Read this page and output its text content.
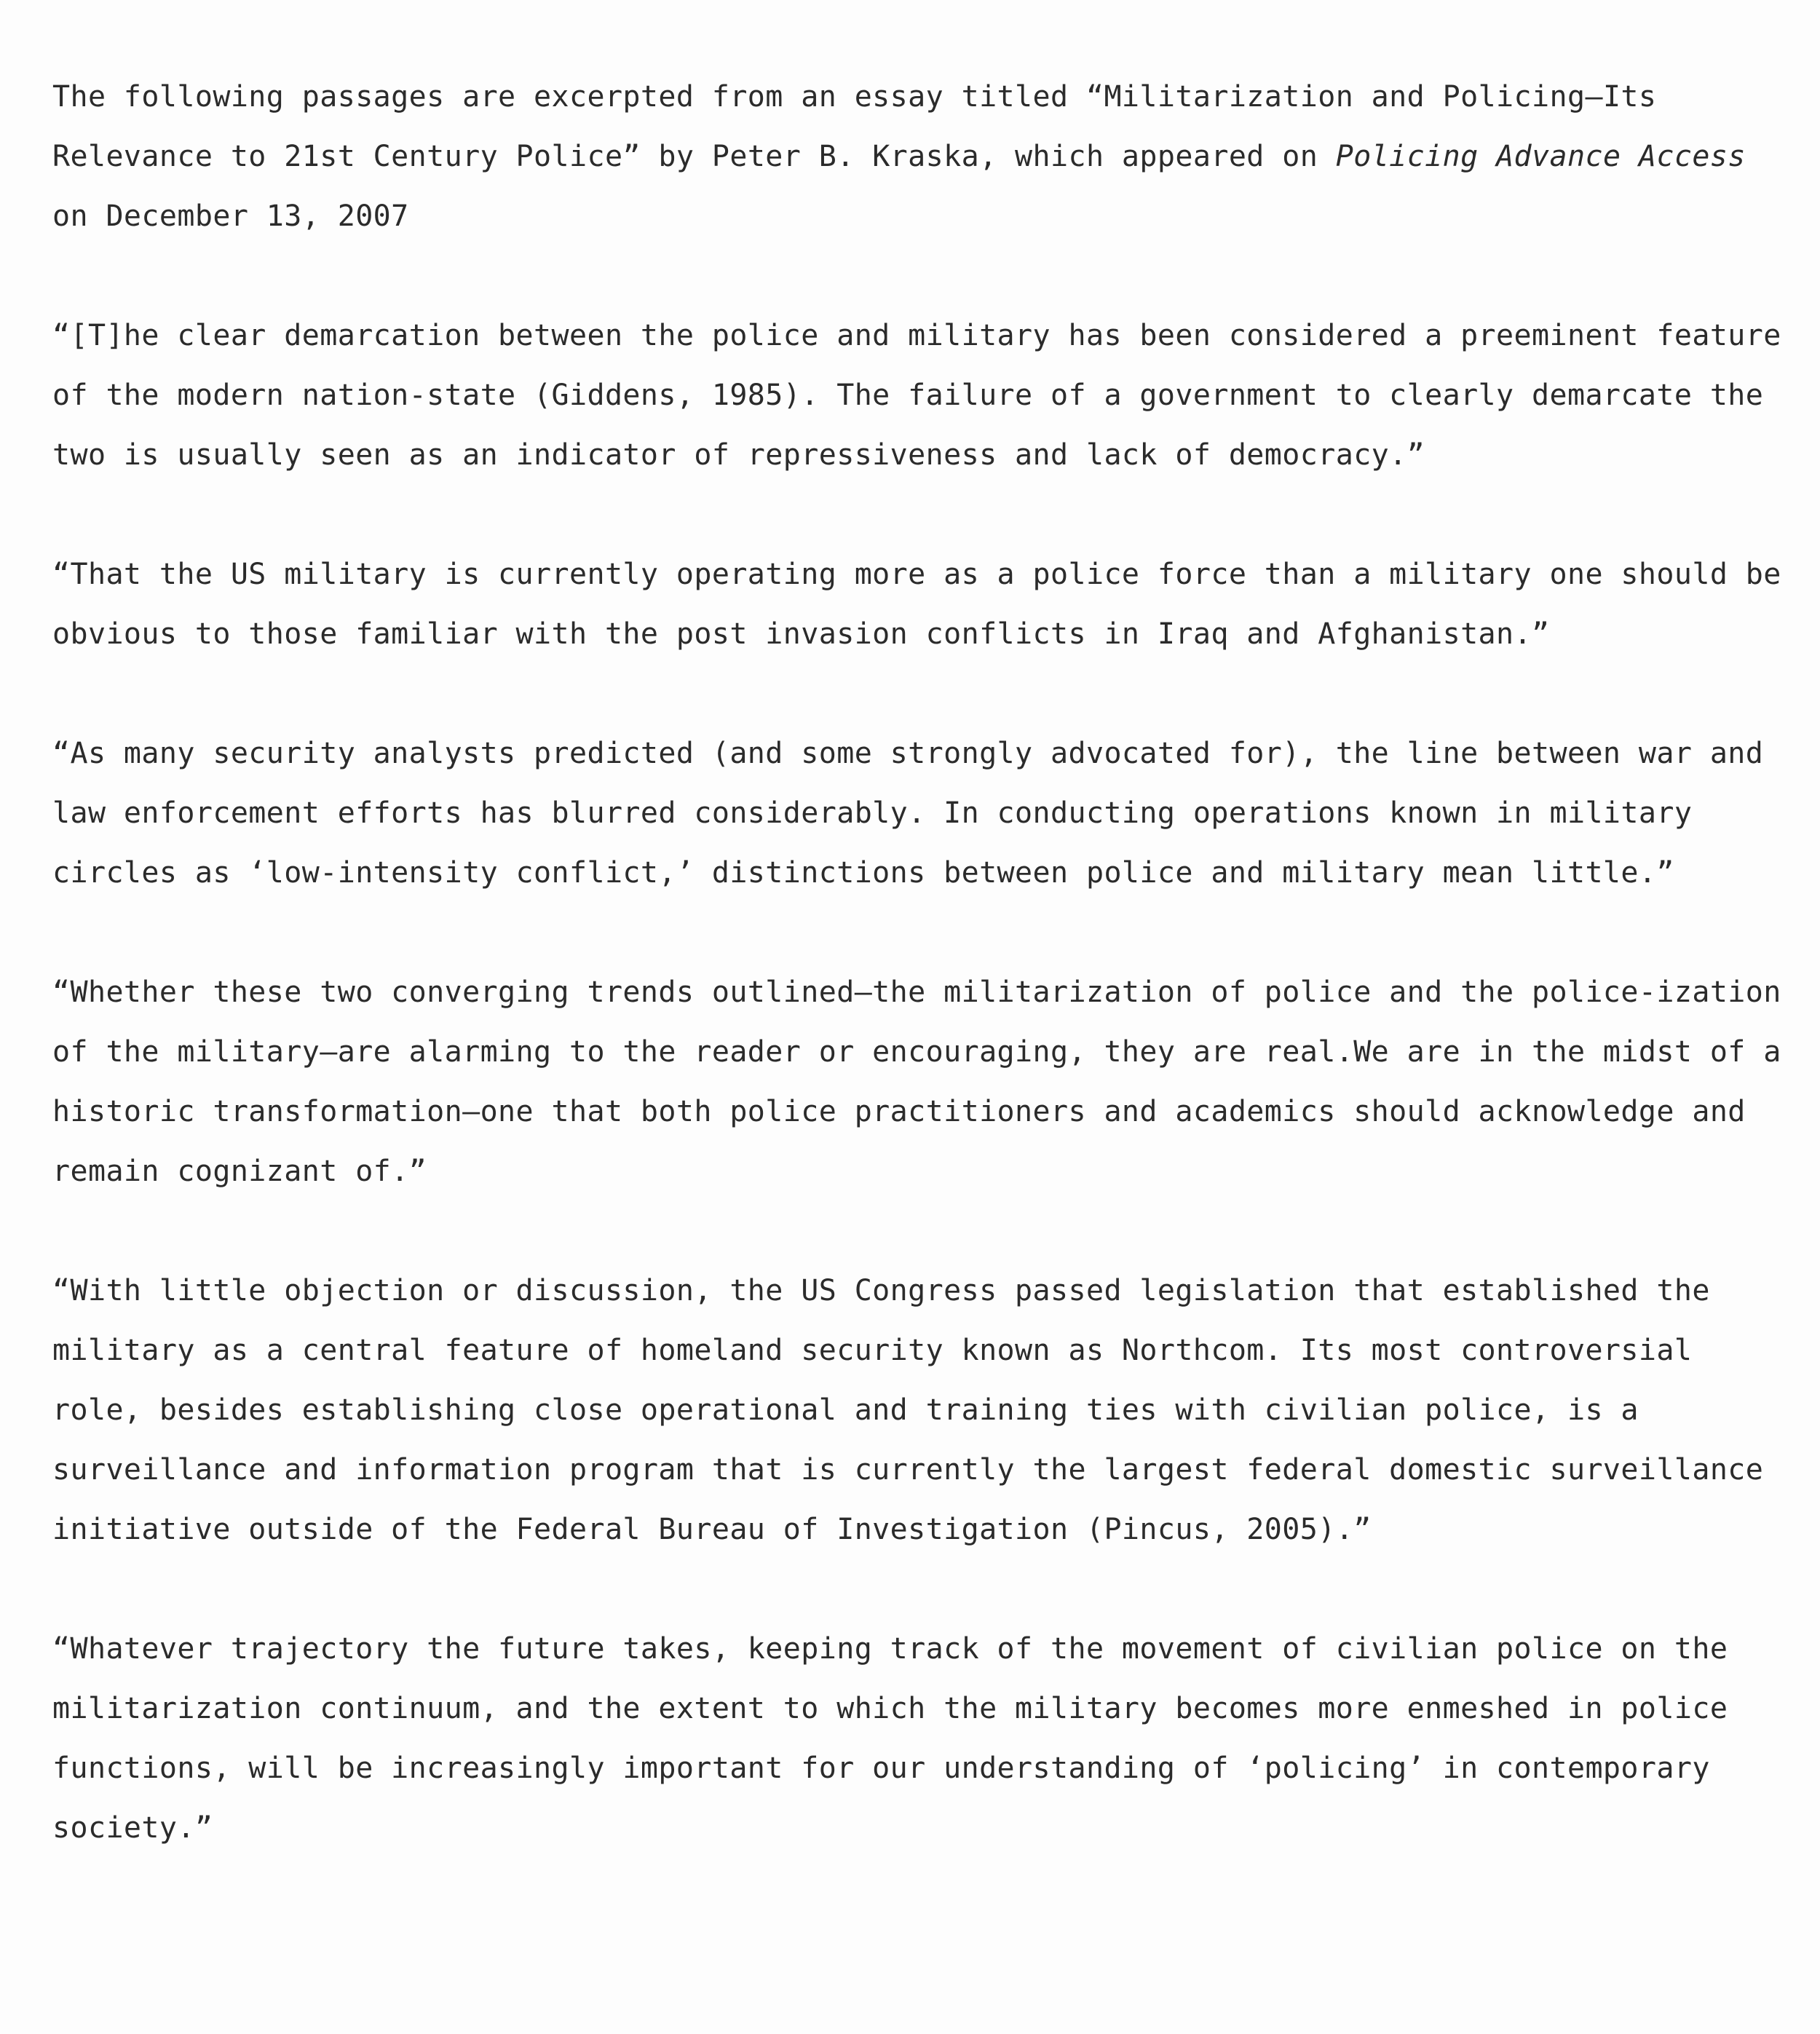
The following passages are excerpted from an essay titled “Militarization and Policing—Its Relevance to 21st Century Police” by Peter B. Kraska, which appeared on Policing Advance Access on December 13, 2007

“[T]he clear demarcation between the police and military has been considered a preeminent feature of the modern nation-state (Giddens, 1985). The failure of a government to clearly demarcate the two is usually seen as an indicator of repressiveness and lack of democracy.”

“That the US military is currently operating more as a police force than a military one should be obvious to those familiar with the post invasion conflicts in Iraq and Afghanistan.”

“As many security analysts predicted (and some strongly advocated for), the line between war and law enforcement efforts has blurred considerably. In conducting operations known in military circles as ‘low-intensity conflict,’ distinctions between police and military mean little.”

“Whether these two converging trends outlined—the militarization of police and the police-ization of the military—are alarming to the reader or encouraging, they are real.We are in the midst of a historic transformation—one that both police practitioners and academics should acknowledge and remain cognizant of.”

“With little objection or discussion, the US Congress passed legislation that established the military as a central feature of homeland security known as Northcom. Its most controversial role, besides establishing close operational and training ties with civilian police, is a surveillance and information program that is currently the largest federal domestic surveillance initiative outside of the Federal Bureau of Investigation (Pincus, 2005).”

“Whatever trajectory the future takes, keeping track of the movement of civilian police on the militarization continuum, and the extent to which the military becomes more enmeshed in police functions, will be increasingly important for our understanding of ‘policing’ in contemporary society.”
